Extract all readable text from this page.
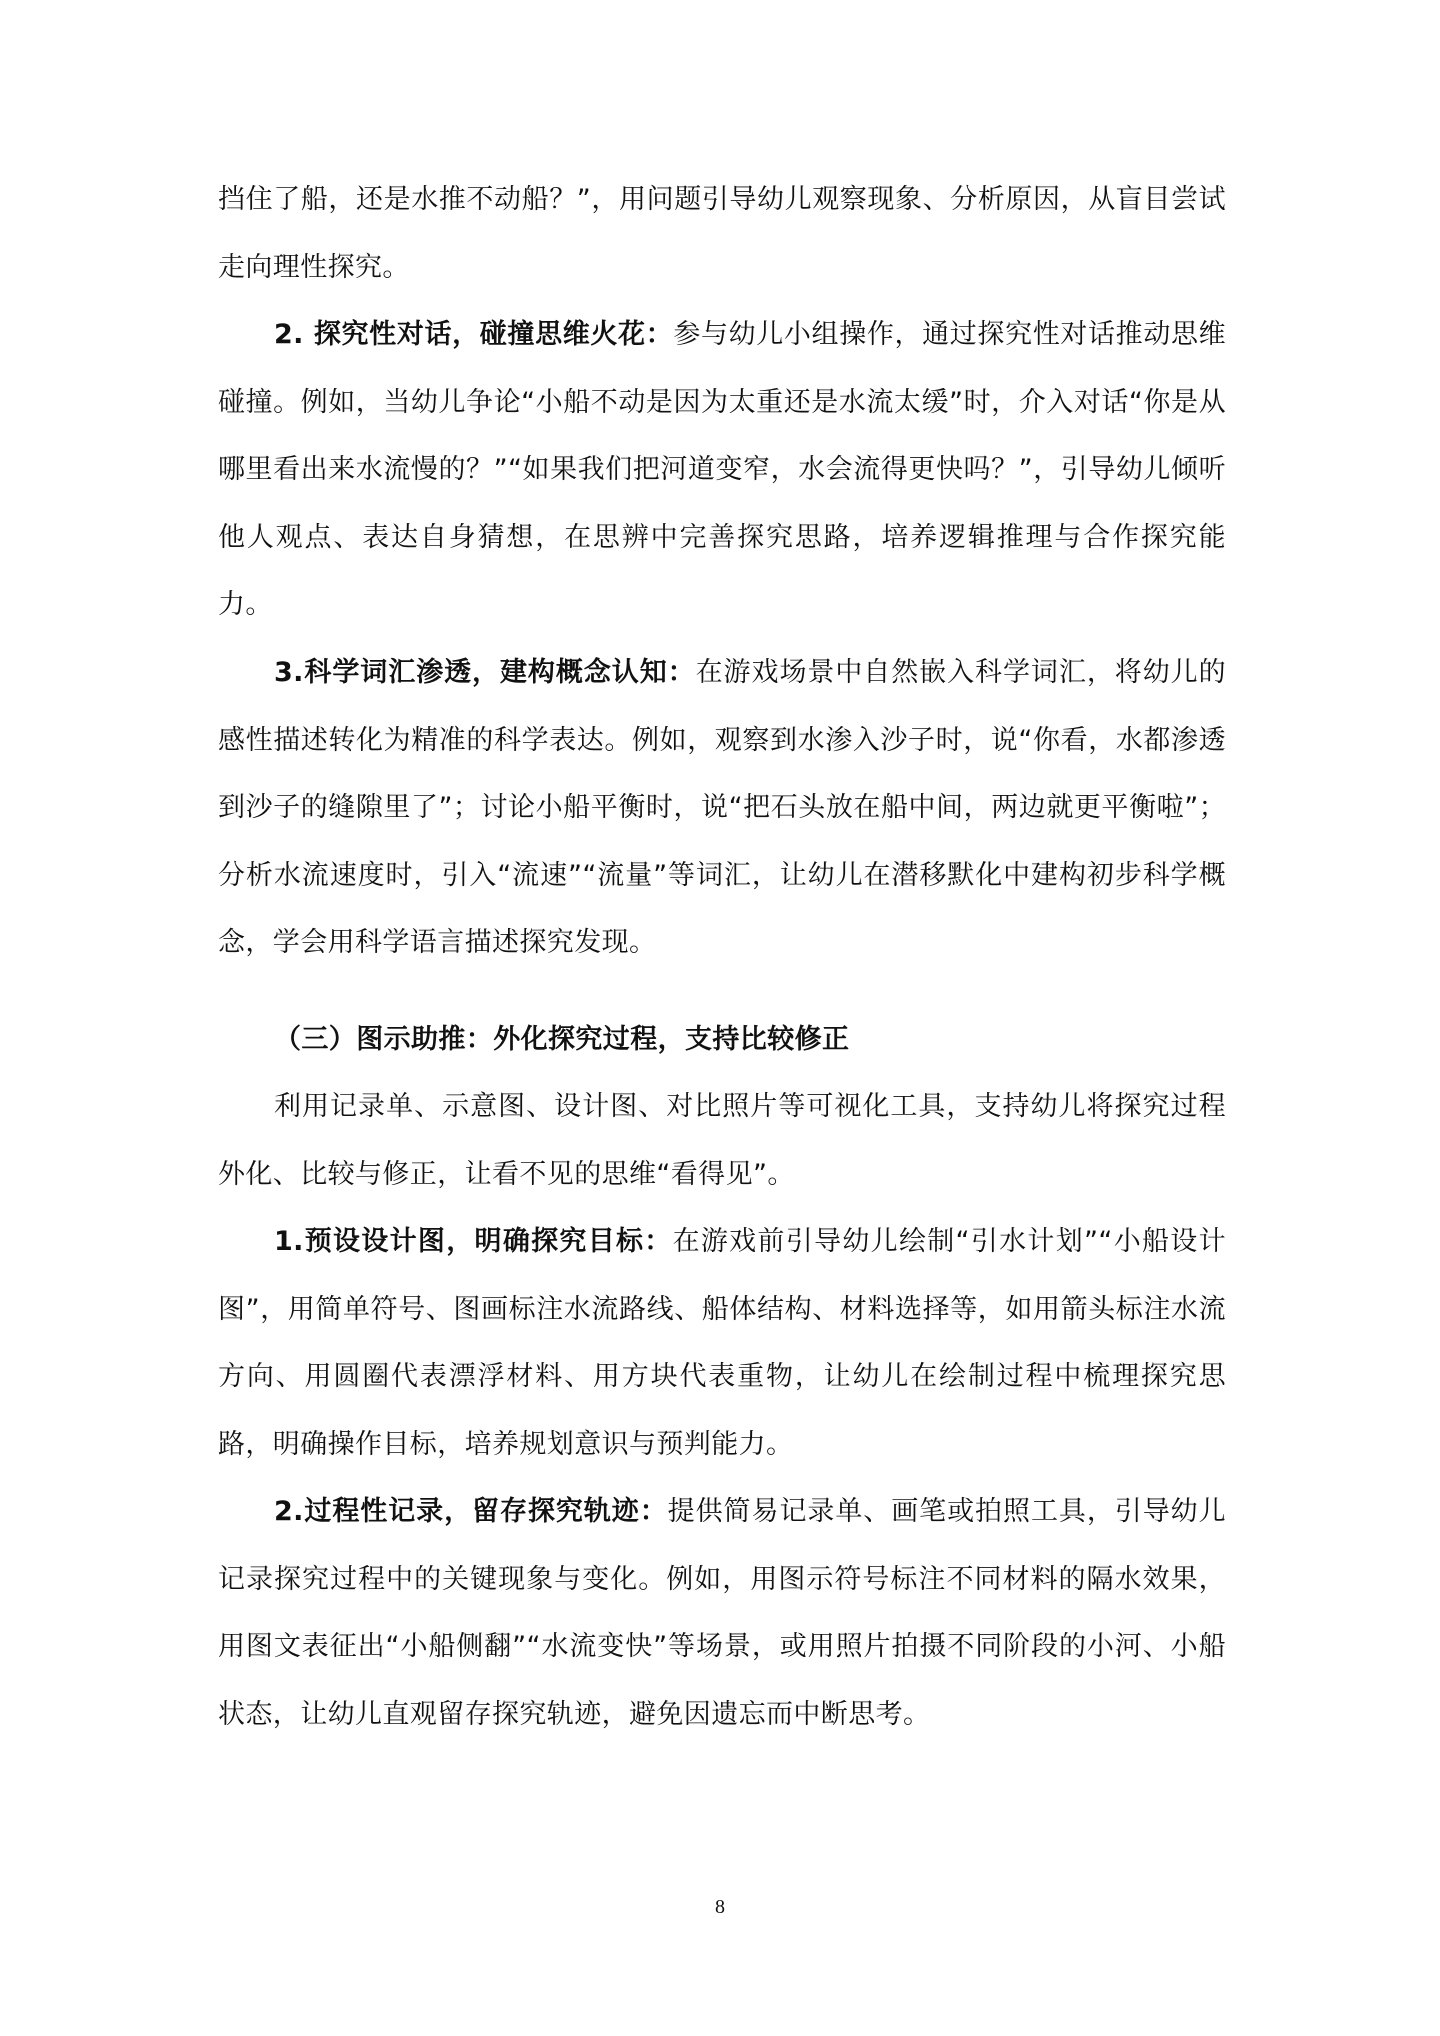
挡住了船，还是水推不动船？”，用问题引导幼儿观察现象、分析原因，从盲目尝试走向理性探究。

2. 探究性对话，碰撞思维火花：参与幼儿小组操作，通过探究性对话推动思维碰撞。例如，当幼儿争论“小船不动是因为太重还是水流太缓”时，介入对话“你是从哪里看出来水流慢的？”“如果我们把河道变窄，水会流得更快吗？”，引导幼儿倾听他人观点、表达自身猜想，在思辨中完善探究思路，培养逻辑推理与合作探究能力。

3.科学词汇渗透，建构概念认知：在游戏场景中自然嵌入科学词汇，将幼儿的感性描述转化为精准的科学表达。例如，观察到水渗入沙子时，说“你看，水都渗透到沙子的缝隙里了”；讨论小船平衡时，说“把石头放在船中间，两边就更平衡啦”；分析水流速度时，引入“流速”“流量”等词汇，让幼儿在潜移默化中建构初步科学概念，学会用科学语言描述探究发现。

（三）图示助推：外化探究过程，支持比较修正

利用记录单、示意图、设计图、对比照片等可视化工具，支持幼儿将探究过程外化、比较与修正，让看不见的思维“看得见”。

1.预设设计图，明确探究目标：在游戏前引导幼儿绘制“引水计划”“小船设计图”，用简单符号、图画标注水流路线、船体结构、材料选择等，如用箭头标注水流方向、用圆圈代表漂浮材料、用方块代表重物，让幼儿在绘制过程中梳理探究思路，明确操作目标，培养规划意识与预判能力。

2.过程性记录，留存探究轨迹：提供简易记录单、画笔或拍照工具，引导幼儿记录探究过程中的关键现象与变化。例如，用图示符号标注不同材料的隔水效果，用图文表征出“小船侧翻”“水流变快”等场景，或用照片拍摄不同阶段的小河、小船状态，让幼儿直观留存探究轨迹，避免因遗忘而中断思考。

8
